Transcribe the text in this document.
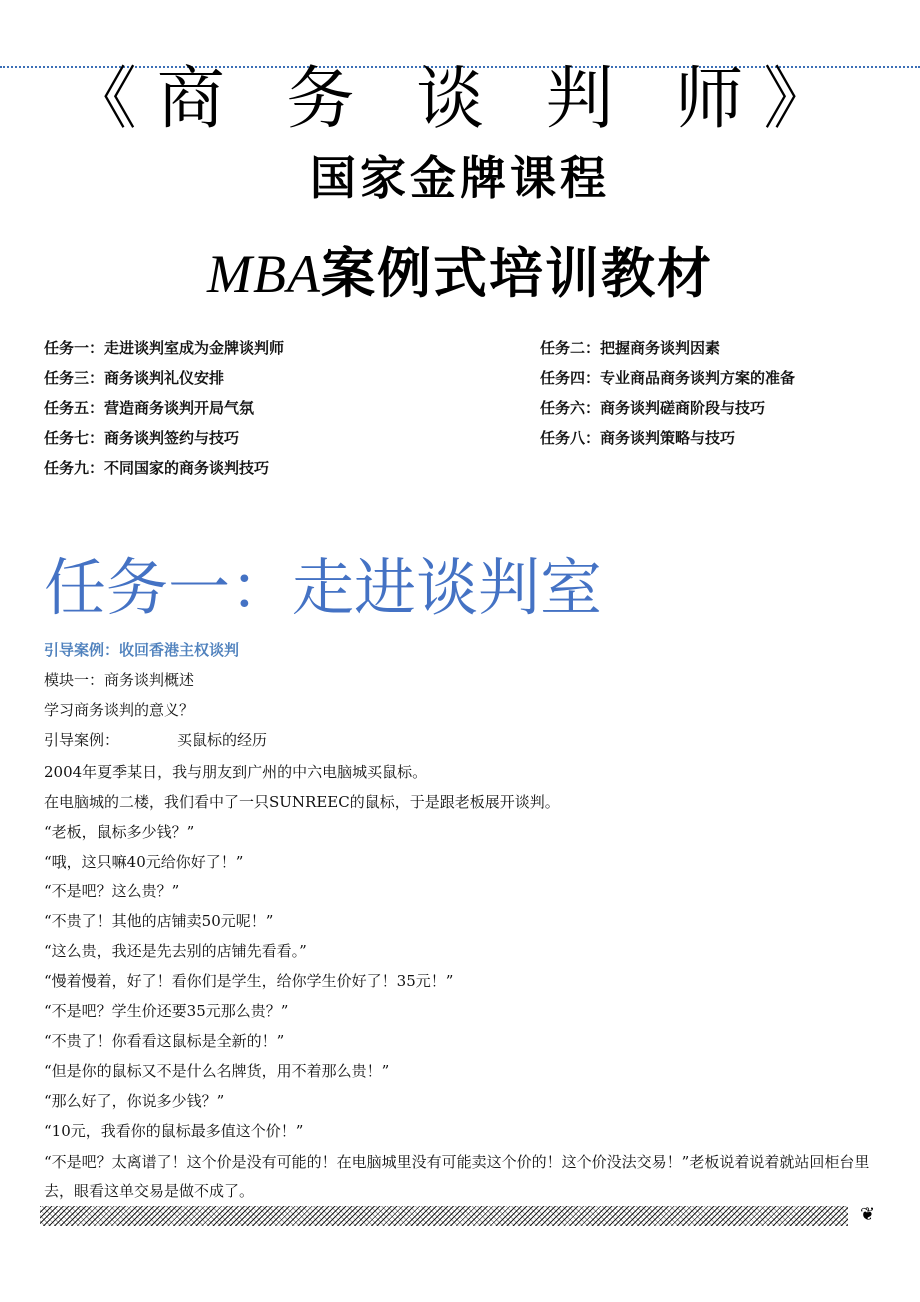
《商 务 谈 判 师》
国家金牌课程
MBA案例式培训教材
任务一：走进谈判室成为金牌谈判师	任务二：把握商务谈判因素
任务三：商务谈判礼仪安排	任务四：专业商品商务谈判方案的准备
任务五：营造商务谈判开局气氛	任务六：商务谈判磋商阶段与技巧
任务七：商务谈判签约与技巧	任务八：商务谈判策略与技巧
任务九：不同国家的商务谈判技巧
任务一：走进谈判室
引导案例：收回香港主权谈判
模块一：商务谈判概述
学习商务谈判的意义？
引导案例：	买鼠标的经历
2004年夏季某日，我与朋友到广州的中六电脑城买鼠标。
在电脑城的二楼，我们看中了一只SUNREEC的鼠标，于是跟老板展开谈判。
“老板，鼠标多少钱？”
“哦，这只嘛40元给你好了！”
“不是吧？这么贵？”
“不贵了！其他的店铺卖50元呢！”
“这么贵，我还是先去别的店铺先看看。”
“慢着慢着，好了！看你们是学生，给你学生价好了！35元！”
“不是吧？学生价还要35元那么贵？”
“不贵了！你看看这鼠标是全新的！”
“但是你的鼠标又不是什么名牌货，用不着那么贵！”
“那么好了，你说多少钱？”
“10元，我看你的鼠标最多值这个价！”
“不是吧？太离谱了！这个价是没有可能的！在电脑城里没有可能卖这个价的！这个价没法交易！”老板说着说着就站回柜台里去，眼看这单交易是做不成了。
❦
